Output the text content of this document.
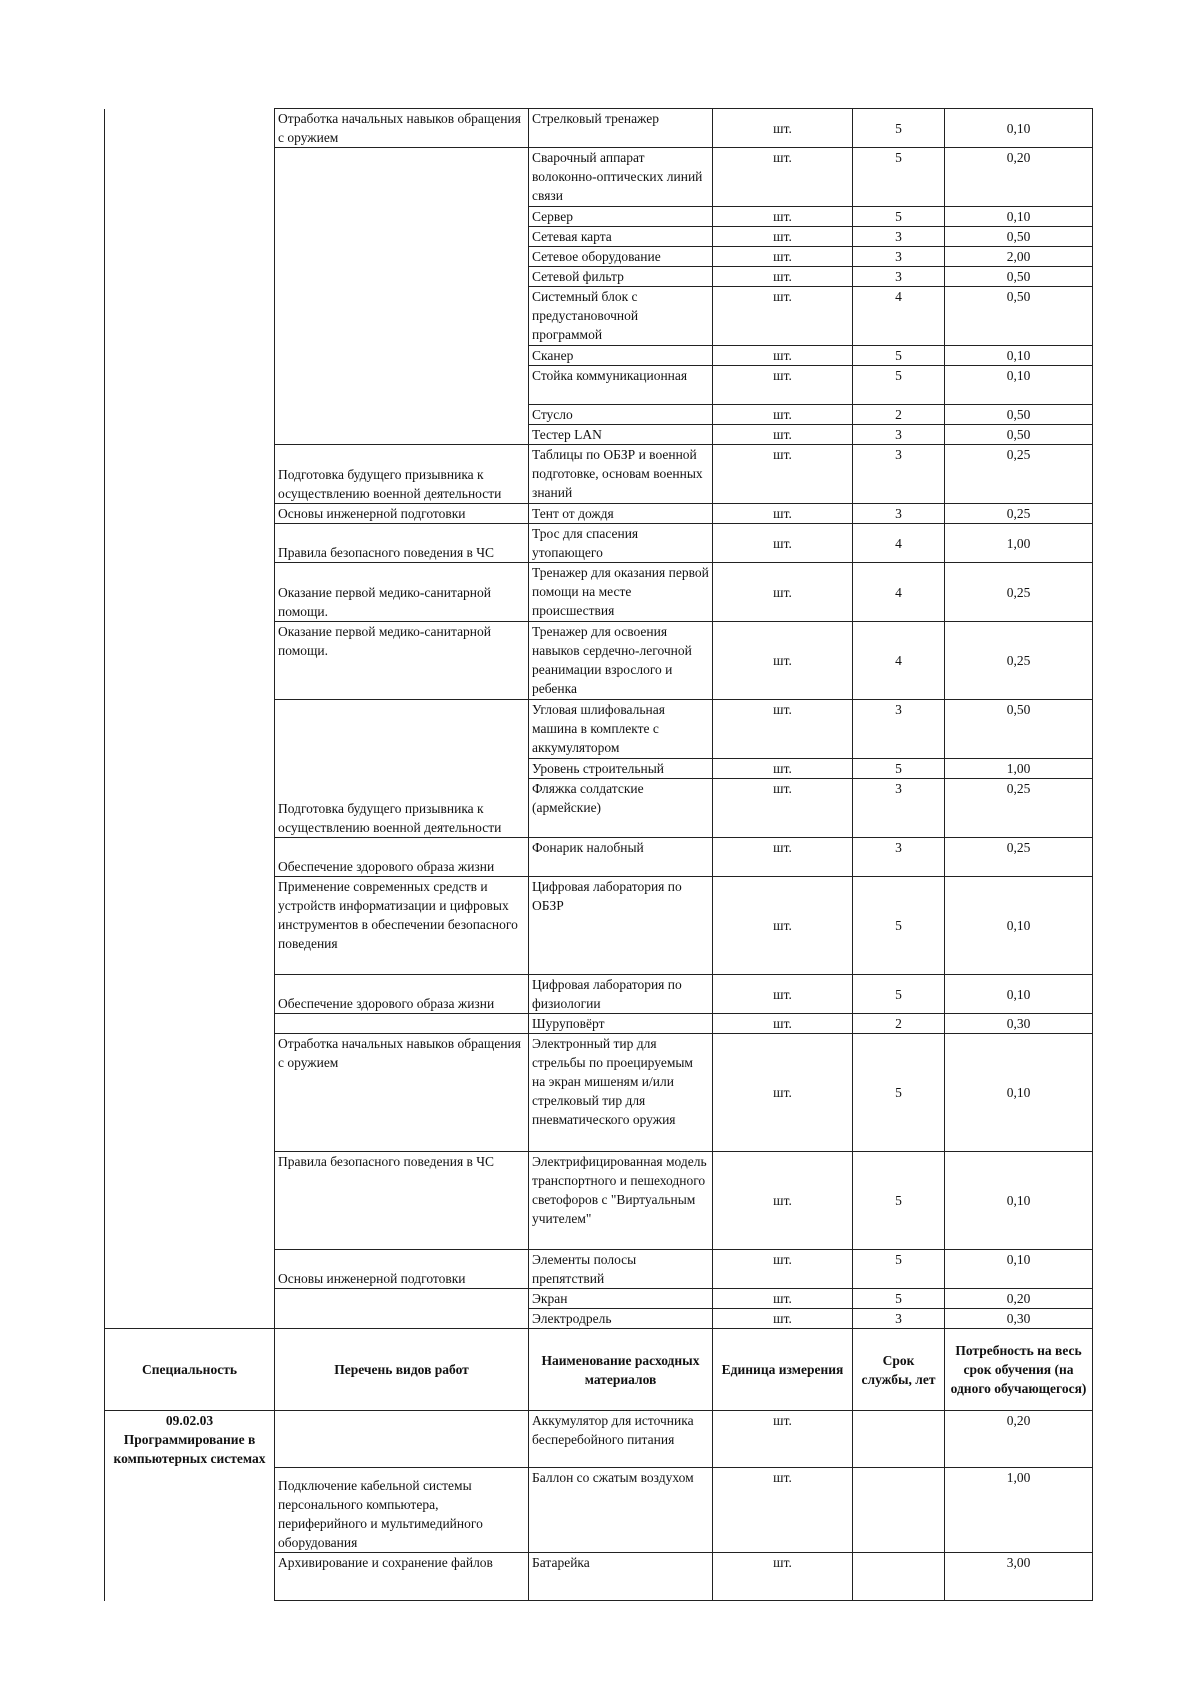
	Отработка начальных навыков обращения с оружием	Стрелковый тренажер	шт.	5	0,10
		Сварочный аппарат волоконно-оптических линий связи	шт.	5	0,20
		Сервер	шт.	5	0,10
		Сетевая карта	шт.	3	0,50
		Сетевое оборудование	шт.	3	2,00
		Сетевой фильтр	шт.	3	0,50
		Системный блок с предустановочной программой	шт.	4	0,50
		Сканер	шт.	5	0,10
		Стойка коммуникационная	шт.	5	0,10
		Стусло	шт.	2	0,50
		Тестер LAN	шт.	3	0,50
	Подготовка будущего призывника к осуществлению военной деятельности	Таблицы по ОБЗР и военной подготовке, основам военных знаний	шт.	3	0,25
	Основы инженерной подготовки	Тент от дождя	шт.	3	0,25
	Правила безопасного поведения в ЧС	Трос для спасения утопающего	шт.	4	1,00
	Оказание первой медико-санитарной помощи.	Тренажер для оказания первой помощи на месте происшествия	шт.	4	0,25
	Оказание первой медико-санитарной помощи.	Тренажер для освоения навыков сердечно-легочной реанимации взрослого и ребенка	шт.	4	0,25
	Подготовка будущего призывника к осуществлению военной деятельности	Угловая шлифовальная машина в комплекте с аккумулятором	шт.	3	0,50
		Уровень строительный	шт.	5	1,00
		Фляжка солдатские (армейские)	шт.	3	0,25
	Обеспечение здорового образа жизни	Фонарик налобный	шт.	3	0,25
	Применение современных средств и устройств информатизации и цифровых инструментов в обеспечении безопасного поведения	Цифровая лаборатория по ОБЗР	шт.	5	0,10
	Обеспечение здорового образа жизни	Цифровая лаборатория по физиологии	шт.	5	0,10
		Шуруповёрт	шт.	2	0,30
	Отработка начальных навыков обращения с оружием	Электронный тир для стрельбы по проецируемым на экран мишеням и/или стрелковый тир для пневматического оружия	шт.	5	0,10
	Правила безопасного поведения в ЧС	Электрифицированная модель транспортного и пешеходного светофоров с "Виртуальным учителем"	шт.	5	0,10
	Основы инженерной подготовки	Элементы полосы препятствий	шт.	5	0,10
		Экран	шт.	5	0,20
		Электродрель	шт.	3	0,30
Специальность	Перечень видов работ	Наименование расходных материалов	Единица измерения	Срок службы, лет	Потребность на весь срок обучения (на одного обучающегося)
09.02.03 Программирование в компьютерных системах		Аккумулятор для источника бесперебойного питания	шт.		0,20
	Подключение кабельной системы персонального компьютера, периферийного и мультимедийного оборудования	Баллон со сжатым воздухом	шт.		1,00
	Архивирование и сохранение файлов	Батарейка	шт.		3,00
